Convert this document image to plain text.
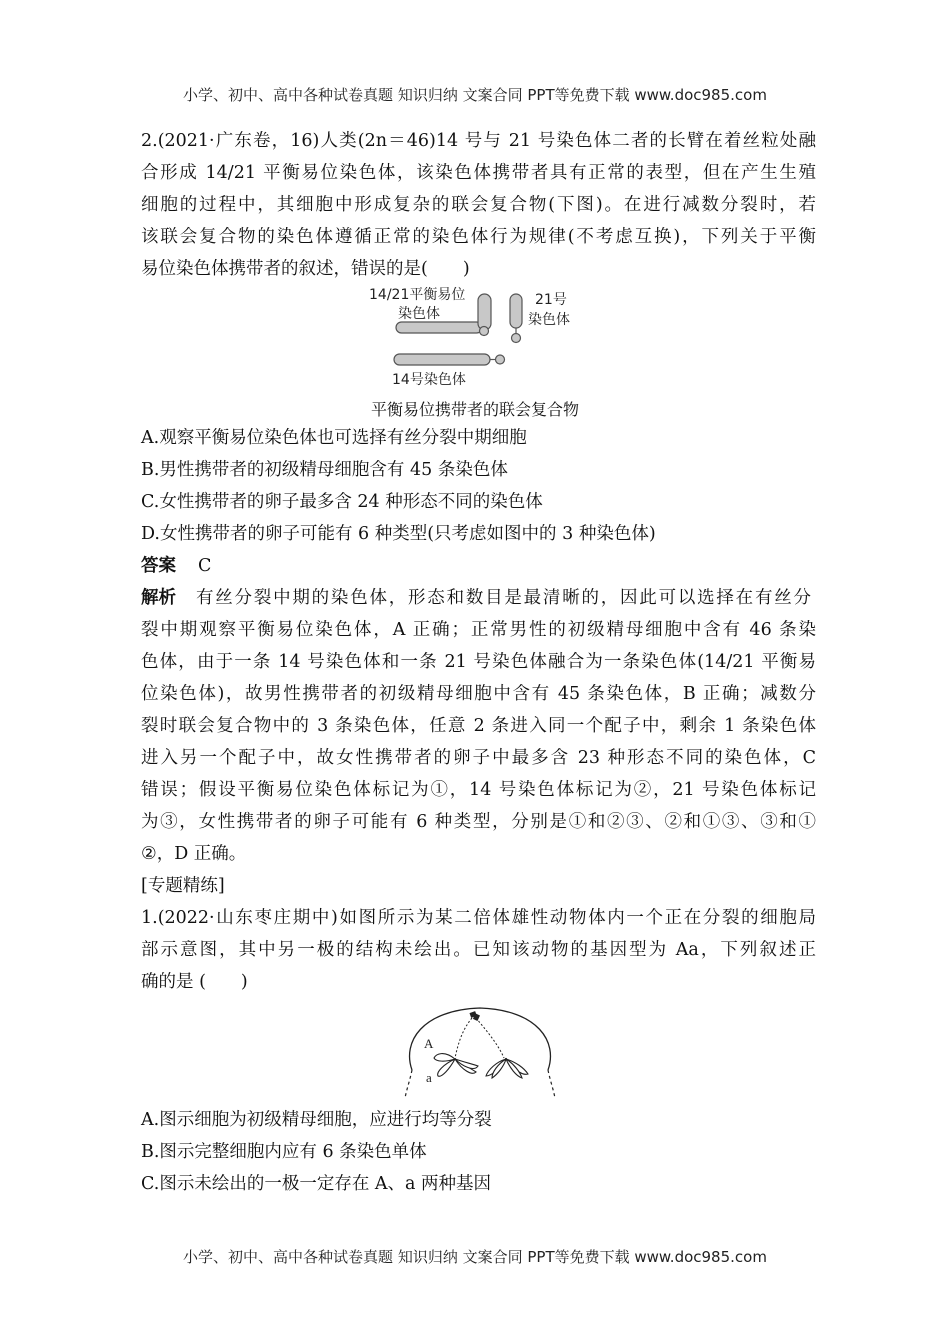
小学、初中、高中各种试卷真题 知识归纳 文案合同 PPT等免费下载 www.doc985.com
2.(2021·广东卷，16)人类(2n＝46)14 号与 21 号染色体二者的长臂在着丝粒处融
合形成 14/21 平衡易位染色体，该染色体携带者具有正常的表型，但在产生生殖
细胞的过程中，其细胞中形成复杂的联会复合物(下图)。在进行减数分裂时，若
该联会复合物的染色体遵循正常的染色体行为规律(不考虑互换)，下列关于平衡
易位染色体携带者的叙述，错误的是(　　)
14/21平衡易位
染色体
21号
染色体
14号染色体
平衡易位携带者的联会复合物
A.观察平衡易位染色体也可选择有丝分裂中期细胞
B.男性携带者的初级精母细胞含有 45 条染色体
C.女性携带者的卵子最多含 24 种形态不同的染色体
D.女性携带者的卵子可能有 6 种类型(只考虑如图中的 3 种染色体)
答案 C
解析 有丝分裂中期的染色体，形态和数目是最清晰的，因此可以选择在有丝分
裂中期观察平衡易位染色体，A 正确；正常男性的初级精母细胞中含有 46 条染
色体，由于一条 14 号染色体和一条 21 号染色体融合为一条染色体(14/21 平衡易
位染色体)，故男性携带者的初级精母细胞中含有 45 条染色体，B 正确；减数分
裂时联会复合物中的 3 条染色体，任意 2 条进入同一个配子中，剩余 1 条染色体
进入另一个配子中，故女性携带者的卵子中最多含 23 种形态不同的染色体，C
错误；假设平衡易位染色体标记为①，14 号染色体标记为②，21 号染色体标记
为③，女性携带者的卵子可能有 6 种类型，分别是①和②③、②和①③、③和①
②，D 正确。
[专题精练]
1.(2022·山东枣庄期中)如图所示为某二倍体雄性动物体内一个正在分裂的细胞局
部示意图，其中另一极的结构未绘出。已知该动物的基因型为 Aa，下列叙述正
确的是 (　　)
A
a
A.图示细胞为初级精母细胞，应进行均等分裂
B.图示完整细胞内应有 6 条染色单体
C.图示未绘出的一极一定存在 A、a 两种基因
小学、初中、高中各种试卷真题 知识归纳 文案合同 PPT等免费下载 www.doc985.com
